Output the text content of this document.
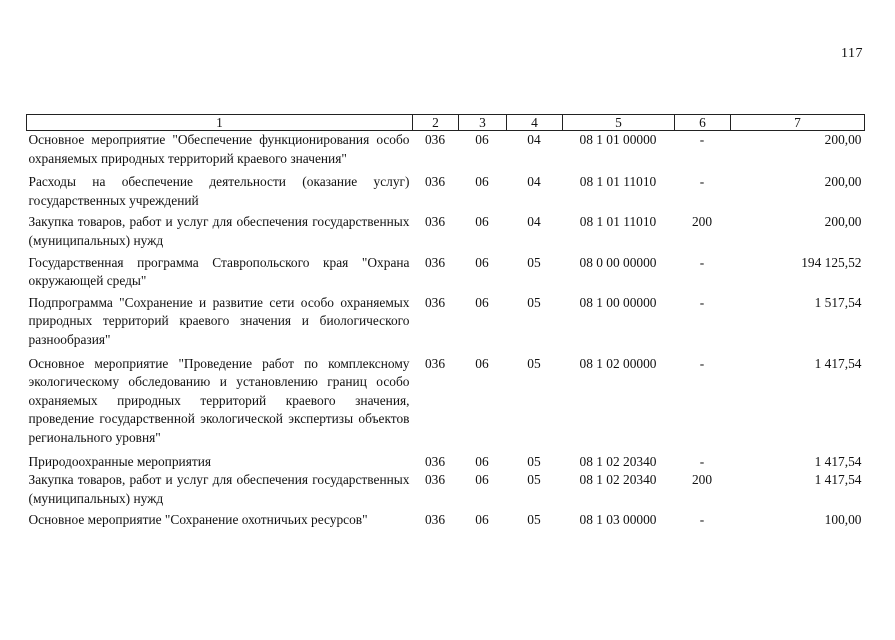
117
1	2	3	4	5	6	7
Основное мероприятие "Обеспечение функционирования особо охраняемых природных территорий краевого значения"	036	06	04	08 1 01 00000	-	200,00
Расходы на обеспечение деятельности (оказание услуг) государственных учреждений	036	06	04	08 1 01 11010	-	200,00
Закупка товаров, работ и услуг для обеспечения государственных (муниципальных) нужд	036	06	04	08 1 01 11010	200	200,00
Государственная программа Ставропольского края "Охрана окружающей среды"	036	06	05	08 0 00 00000	-	194 125,52
Подпрограмма "Сохранение и развитие сети особо охраняемых природных территорий краевого значения и биологического разнообразия"	036	06	05	08 1 00 00000	-	1 517,54
Основное мероприятие "Проведение работ по комплексному экологическому обследованию и установлению границ особо охраняемых природных территорий краевого значения, проведение государственной экологической экспертизы объектов регионального уровня"	036	06	05	08 1 02 00000	-	1 417,54
Природоохранные мероприятия	036	06	05	08 1 02 20340	-	1 417,54
Закупка товаров, работ и услуг для обеспечения государственных (муниципальных) нужд	036	06	05	08 1 02 20340	200	1 417,54
Основное мероприятие "Сохранение охотничьих ресурсов"	036	06	05	08 1 03 00000	-	100,00
